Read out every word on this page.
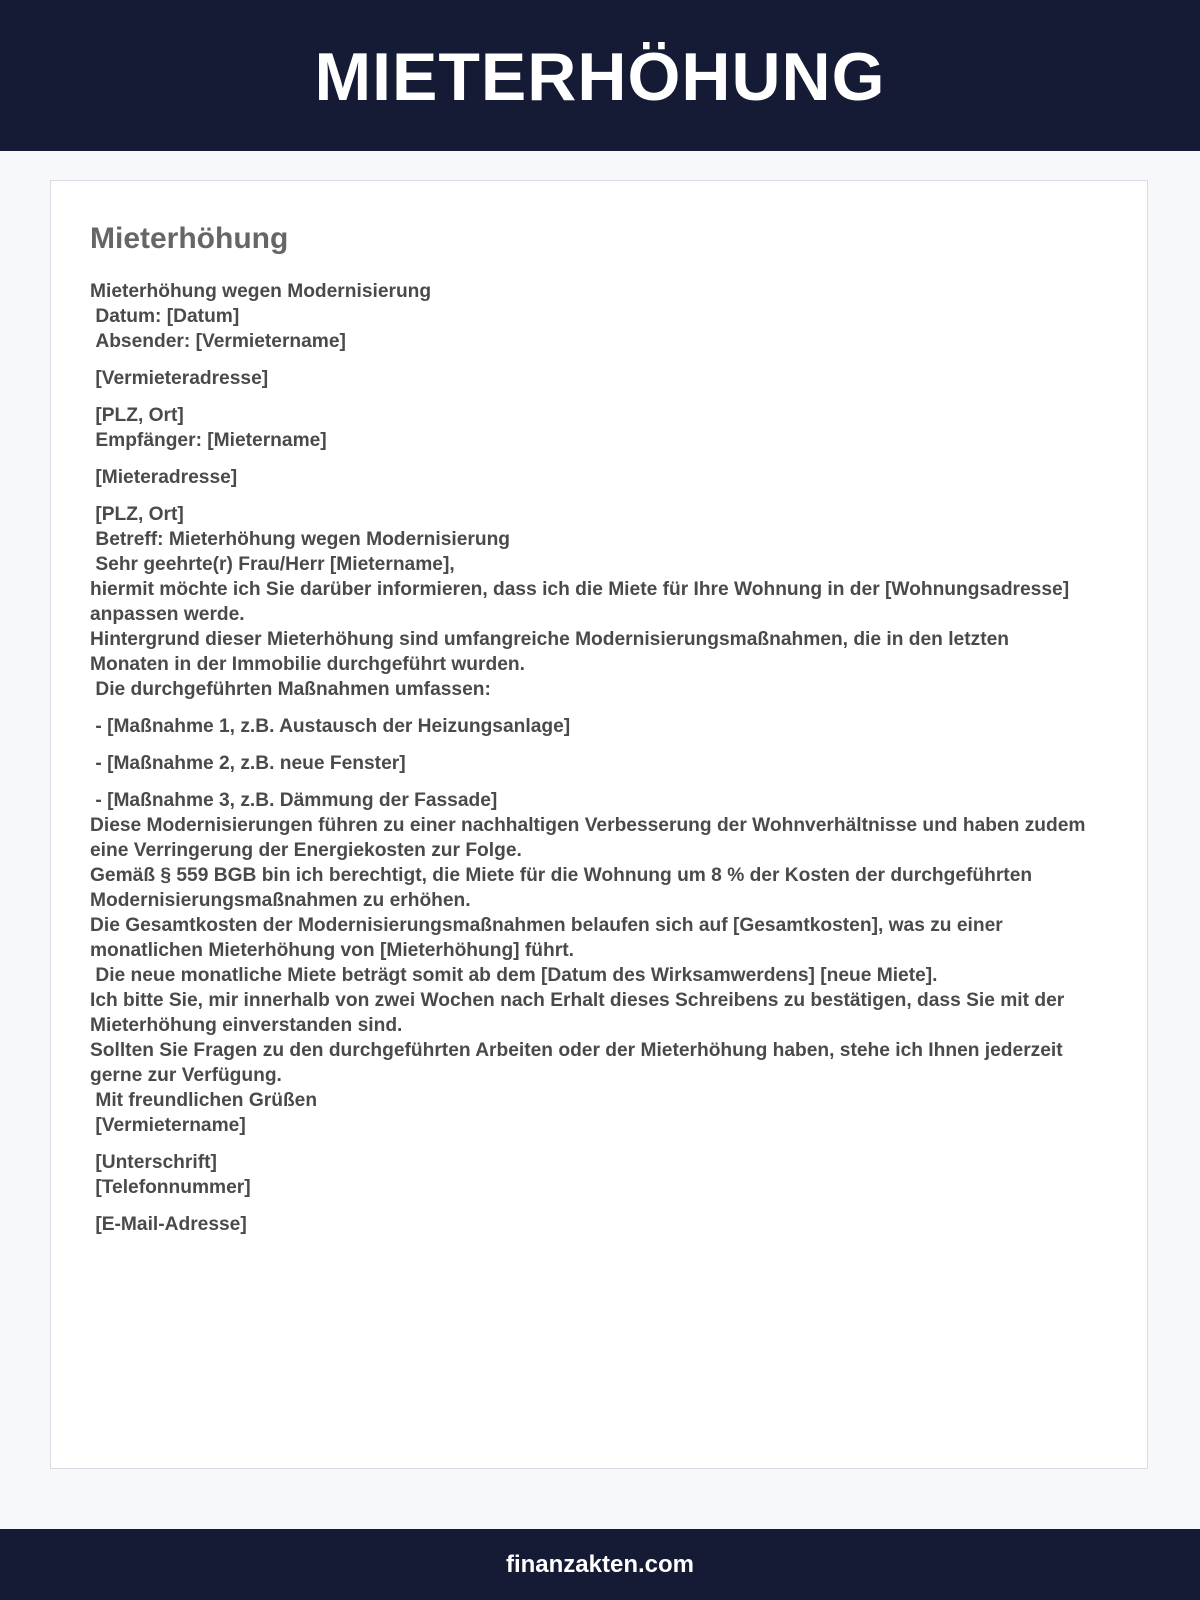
MIETERHÖHUNG
Mieterhöhung
Mieterhöhung wegen Modernisierung
Datum: [Datum]
Absender: [Vermietername]
[Vermieteradresse]
[PLZ, Ort]
Empfänger: [Mietername]
[Mieteradresse]
[PLZ, Ort]
Betreff: Mieterhöhung wegen Modernisierung
Sehr geehrte(r) Frau/Herr [Mietername],
hiermit möchte ich Sie darüber informieren, dass ich die Miete für Ihre Wohnung in der [Wohnungsadresse] anpassen werde.
Hintergrund dieser Mieterhöhung sind umfangreiche Modernisierungsmaßnahmen, die in den letzten Monaten in der Immobilie durchgeführt wurden.
Die durchgeführten Maßnahmen umfassen:
- [Maßnahme 1, z.B. Austausch der Heizungsanlage]
- [Maßnahme 2, z.B. neue Fenster]
- [Maßnahme 3, z.B. Dämmung der Fassade]
Diese Modernisierungen führen zu einer nachhaltigen Verbesserung der Wohnverhältnisse und haben zudem eine Verringerung der Energiekosten zur Folge.
Gemäß § 559 BGB bin ich berechtigt, die Miete für die Wohnung um 8 % der Kosten der durchgeführten Modernisierungsmaßnahmen zu erhöhen.
Die Gesamtkosten der Modernisierungsmaßnahmen belaufen sich auf [Gesamtkosten], was zu einer monatlichen Mieterhöhung von [Mieterhöhung] führt.
Die neue monatliche Miete beträgt somit ab dem [Datum des Wirksamwerdens] [neue Miete].
Ich bitte Sie, mir innerhalb von zwei Wochen nach Erhalt dieses Schreibens zu bestätigen, dass Sie mit der Mieterhöhung einverstanden sind.
Sollten Sie Fragen zu den durchgeführten Arbeiten oder der Mieterhöhung haben, stehe ich Ihnen jederzeit gerne zur Verfügung.
Mit freundlichen Grüßen
[Vermietername]
[Unterschrift]
[Telefonnummer]
[E-Mail-Adresse]
finanzakten.com
